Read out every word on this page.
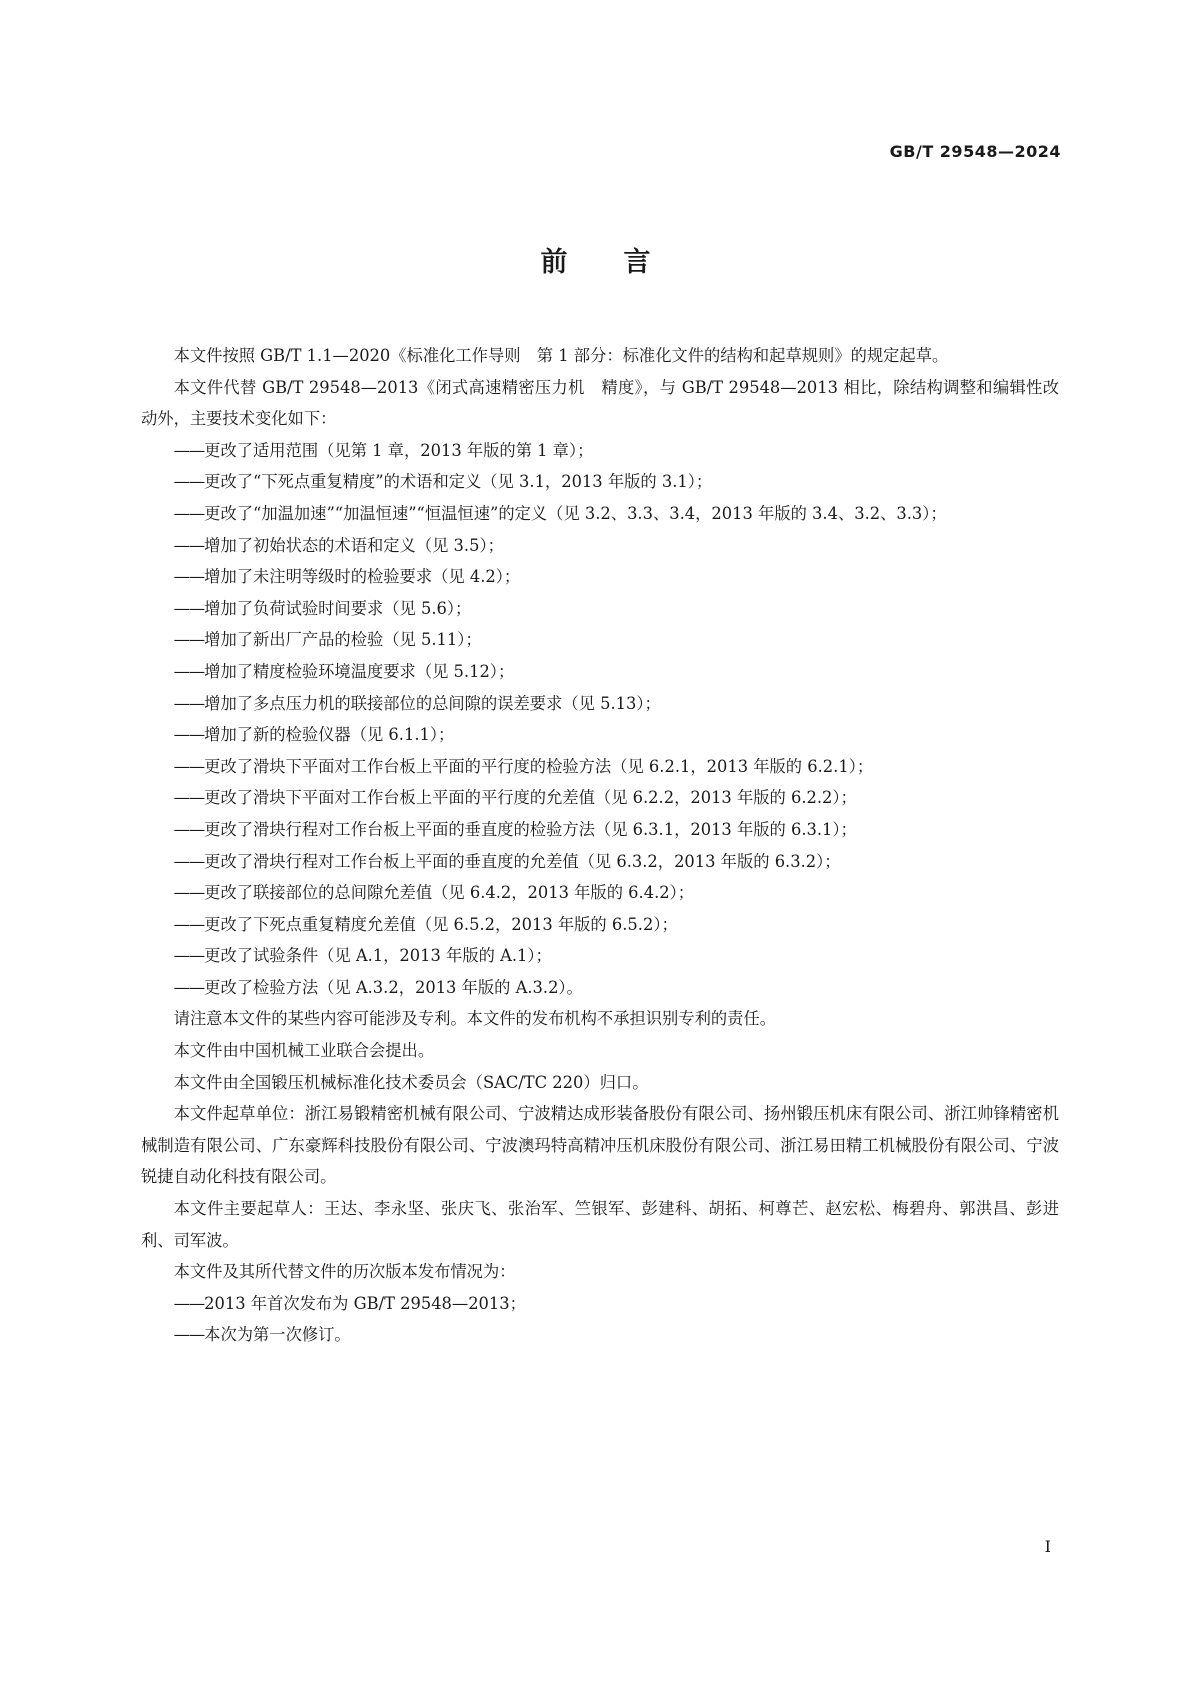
GB/T 29548—2024
前言

本文件按照 GB/T 1.1—2020《标准化工作导则　第 1 部分：标准化文件的结构和起草规则》的规定起草。

本文件代替 GB/T 29548—2013《闭式高速精密压力机　精度》，与 GB/T 29548—2013 相比，除结构调整和编辑性改动外，主要技术变化如下：

——更改了适用范围（见第 1 章，2013 年版的第 1 章）；

——更改了“下死点重复精度”的术语和定义（见 3.1，2013 年版的 3.1）；

——更改了“加温加速”“加温恒速”“恒温恒速”的定义（见 3.2、3.3、3.4，2013 年版的 3.4、3.2、3.3）；

——增加了初始状态的术语和定义（见 3.5）；

——增加了未注明等级时的检验要求（见 4.2）；

——增加了负荷试验时间要求（见 5.6）；

——增加了新出厂产品的检验（见 5.11）；

——增加了精度检验环境温度要求（见 5.12）；

——增加了多点压力机的联接部位的总间隙的误差要求（见 5.13）；

——增加了新的检验仪器（见 6.1.1）；

——更改了滑块下平面对工作台板上平面的平行度的检验方法（见 6.2.1，2013 年版的 6.2.1）；

——更改了滑块下平面对工作台板上平面的平行度的允差值（见 6.2.2，2013 年版的 6.2.2）；

——更改了滑块行程对工作台板上平面的垂直度的检验方法（见 6.3.1，2013 年版的 6.3.1）；

——更改了滑块行程对工作台板上平面的垂直度的允差值（见 6.3.2，2013 年版的 6.3.2）；

——更改了联接部位的总间隙允差值（见 6.4.2，2013 年版的 6.4.2）；

——更改了下死点重复精度允差值（见 6.5.2，2013 年版的 6.5.2）；

——更改了试验条件（见 A.1，2013 年版的 A.1）；

——更改了检验方法（见 A.3.2，2013 年版的 A.3.2）。

请注意本文件的某些内容可能涉及专利。本文件的发布机构不承担识别专利的责任。

本文件由中国机械工业联合会提出。

本文件由全国锻压机械标准化技术委员会（SAC/TC 220）归口。

本文件起草单位：浙江易锻精密机械有限公司、宁波精达成形装备股份有限公司、扬州锻压机床有限公司、浙江帅锋精密机械制造有限公司、广东豪辉科技股份有限公司、宁波澳玛特高精冲压机床股份有限公司、浙江易田精工机械股份有限公司、宁波锐捷自动化科技有限公司。

本文件主要起草人：王达、李永坚、张庆飞、张治军、竺银军、彭建科、胡拓、柯尊芒、赵宏松、梅碧舟、郭洪昌、彭进利、司军波。

本文件及其所代替文件的历次版本发布情况为：

——2013 年首次发布为 GB/T 29548—2013；

——本次为第一次修订。

I
